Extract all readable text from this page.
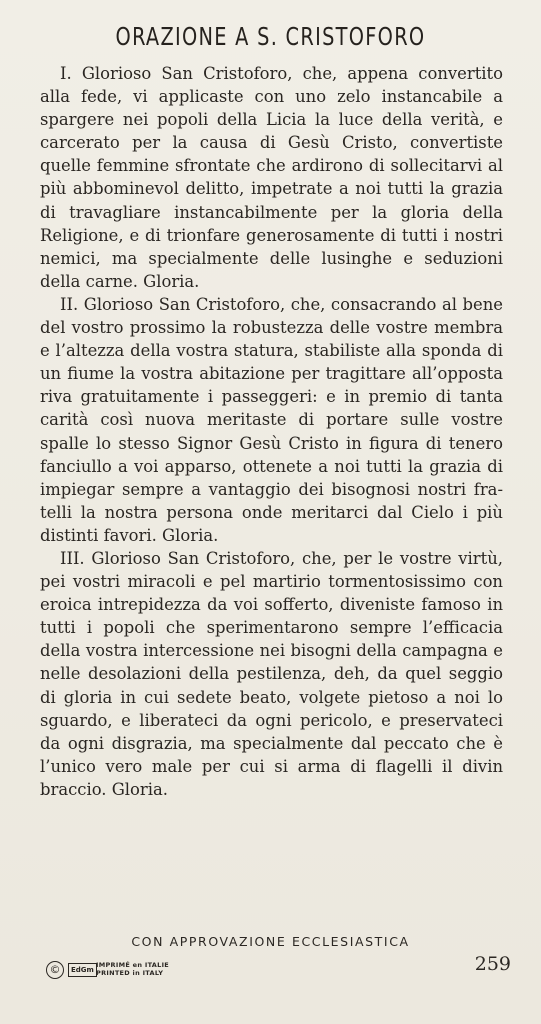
ORAZIONE A S. CRISTOFORO

I. Glorioso San Cristoforo, che, appena convertito alla fede, vi applicaste con uno zelo instancabile a spargere nei popoli della Licia la luce della verità, e carcerato per la causa di Gesù Cristo, convertiste quelle femmine sfrontate che ardirono di sollecitarvi al più abbominevol delitto, impetrate a noi tutti la grazia di travagliare instancabilmente per la gloria della Religione, e di trionfare generosamente di tutti i nostri nemici, ma specialmente delle lusinghe e seduzioni della carne. Gloria.

II. Glorioso San Cristoforo, che, consacrando al bene del vostro prossimo la robustezza delle vostre membra e l’altezza della vostra statura, stabiliste alla sponda di un fiume la vostra abitazione per tragittare all’opposta riva gratuitamente i passeggeri: e in premio di tanta carità così nuova meritaste di portare sulle vostre spalle lo stesso Signor Gesù Cristo in figura di tenero fanciullo a voi apparso, ottenete a noi tutti la grazia di impiegar sempre a vantaggio dei bisognosi nostri fratelli la nostra persona onde meritarci dal Cielo i più distinti favori. Gloria.

III. Glorioso San Cristoforo, che, per le vostre virtù, pei vostri miracoli e pel martirio tormentosissimo con eroica intrepidezza da voi sofferto, diveniste famoso in tutti i popoli che sperimentarono sempre l’efficacia della vostra intercessione nei bisogni della campagna e nelle desolazioni della pestilenza, deh, da quel seggio di gloria in cui sedete beato, volgete pietoso a noi lo sguardo, e liberateci da ogni pericolo, e preservateci da ogni disgrazia, ma specialmente dal peccato che è l’unico vero male per cui si arma di flagelli il divin braccio. Gloria.

CON APPROVAZIONE ECCLESIASTICA
©	EdGm
IMPRIMÉ en ITALIE
PRINTED in ITALY	259
